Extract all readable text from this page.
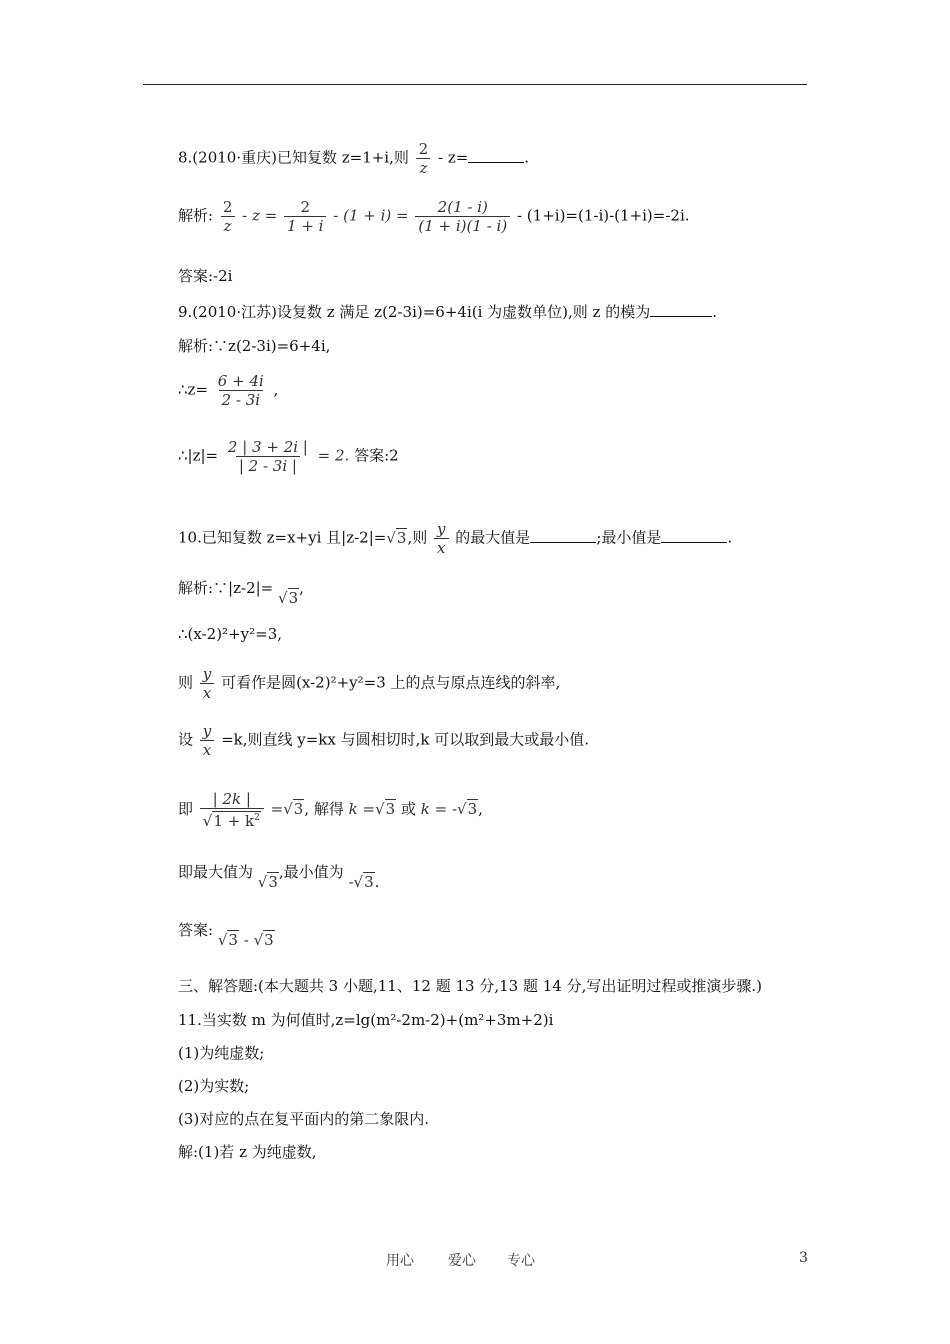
8.(2010·重庆)已知复数 z=1+i,则 $\frac{2}{z} - z=$	.
解析: $\frac{2}{z} - z = \frac{2}{1 + i} - (1 + i) = \frac{2(1 - i)}{(1 + i)(1 - i)} - (1+i)=(1-i)-(1+i)=-2i$.
答案:-2i
9.(2010·江苏)设复数 z 满足 z(2-3i)=6+4i(i 为虚数单位),则 z 的模为	.
解析:∵z(2-3i)=6+4i,
∴z= $\frac{6 + 4i}{2 - 3i}$ ,
∴|z|= $\frac{2 | 3 + 2i |}{| 2 - 3i |} = 2$. 答案:2
10.已知复数 z=x+yi 且|z-2|=√3,则 $\frac{y}{x}$ 的最大值是	;最小值是	.
解析:∵|z-2|= √3,
∴(x-2)²+y²=3,
则 $\frac{y}{x}$ 可看作是圆(x-2)²+y²=3 上的点与原点连线的斜率,
设 $\frac{y}{x} =k$,则直线 y=kx 与圆相切时,k 可以取到最大或最小值.
即 $\frac{| 2k |}{√1 + k^2} =√3$, 解得 k =√3 或 k = -√3,
即最大值为 √3,最小值为 -√3.
答案: √3 - √3
三、解答题:(本大题共 3 小题,11、12 题 13 分,13 题 14 分,写出证明过程或推演步骤.)
11.当实数 m 为何值时,z=lg(m²-2m-2)+(m²+3m+2)i
(1)为纯虚数;
(2)为实数;
(3)对应的点在复平面内的第二象限内.
解:(1)若 z 为纯虚数,
用心 爱心 专心	3
